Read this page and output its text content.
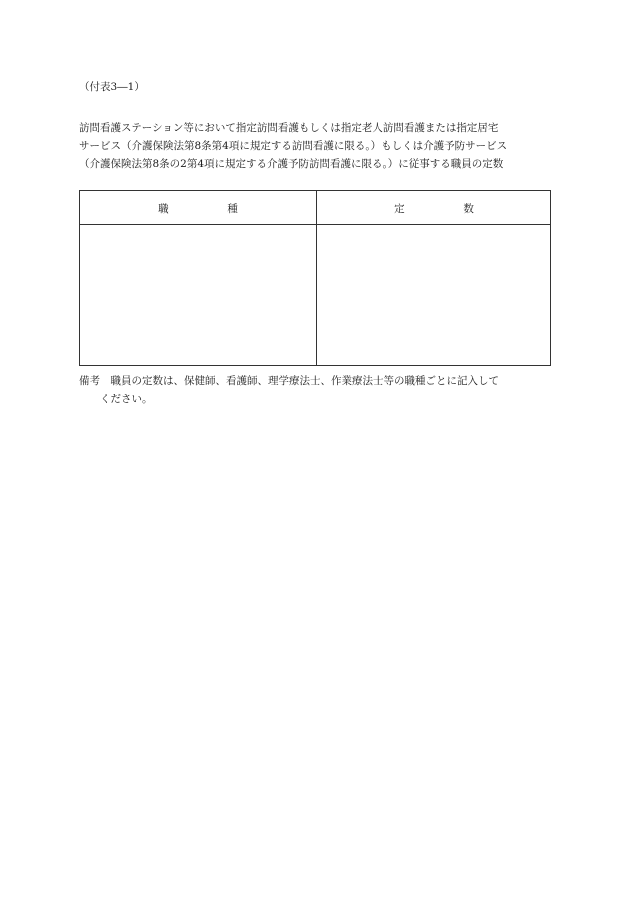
（付表3―1）
訪問看護ステーション等において指定訪問看護もしくは指定老人訪問看護または指定居宅
サービス（介護保険法第8条第4項に規定する訪問看護に限る。）もしくは介護予防サービス
（介護保険法第8条の2第4項に規定する介護予防訪問看護に限る。）に従事する職員の定数
職種	定数
備考　職員の定数は、保健師、看護師、理学療法士、作業療法士等の職種ごとに記入して
ください。
